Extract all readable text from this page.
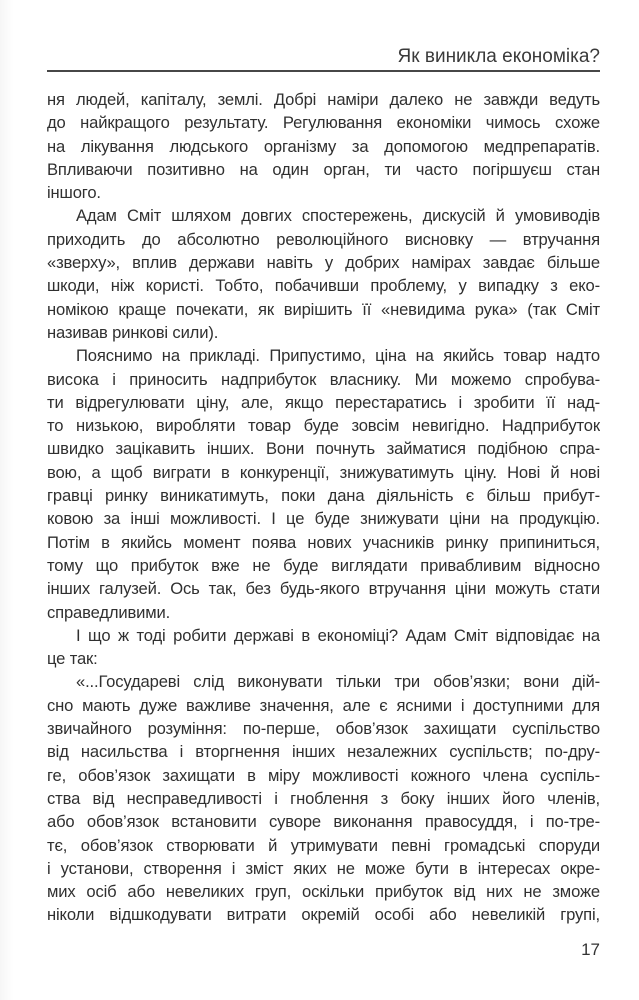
Як виникла економіка?
ня людей, капіталу, землі. Добрі наміри далеко не завжди ведуть
до найкращого результату. Регулювання економіки чимось схоже
на лікування людського організму за допомогою медпрепаратів.
Впливаючи позитивно на один орган, ти часто погіршуєш стан
іншого.
Адам Сміт шляхом довгих спостережень, дискусій й умовиводів
приходить до абсолютно революційного висновку — втручання
«зверху», вплив держави навіть у добрих намірах завдає більше
шкоди, ніж користі. Тобто, побачивши проблему, у випадку з еко-
номікою краще почекати, як вирішить її «невидима рука» (так Сміт
називав ринкові сили).
Пояснимо на прикладі. Припустимо, ціна на якийсь товар надто
висока і приносить надприбуток власнику. Ми можемо спробува-
ти відрегулювати ціну, але, якщо перестаратись і зробити її над-
то низькою, виробляти товар буде зовсім невигідно. Надприбуток
швидко зацікавить інших. Вони почнуть займатися подібною спра-
вою, а щоб виграти в конкуренції, знижуватимуть ціну. Нові й нові
гравці ринку виникатимуть, поки дана діяльність є більш прибут-
ковою за інші можливості. І це буде знижувати ціни на продукцію.
Потім в якийсь момент поява нових учасників ринку припиниться,
тому що прибуток вже не буде виглядати привабливим відносно
інших галузей. Ось так, без будь-якого втручання ціни можуть стати
справедливими.
І що ж тоді робити державі в економіці? Адам Сміт відповідає на
це так:
«...Государеві слід виконувати тільки три обов’язки; вони дій-
сно мають дуже важливе значення, але є ясними і доступними для
звичайного розуміння: по-перше, обов’язок захищати суспільство
від насильства і вторгнення інших незалежних суспільств; по-дру-
ге, обов’язок захищати в міру можливості кожного члена суспіль-
ства від несправедливості і гноблення з боку інших його членів,
або обов’язок встановити суворе виконання правосуддя, і по-тре-
тє, обов’язок створювати й утримувати певні громадські споруди
і установи, створення і зміст яких не може бути в інтересах окре-
мих осіб або невеликих груп, оскільки прибуток від них не зможе
ніколи відшкодувати витрати окремій особі або невеликій групі,
17
